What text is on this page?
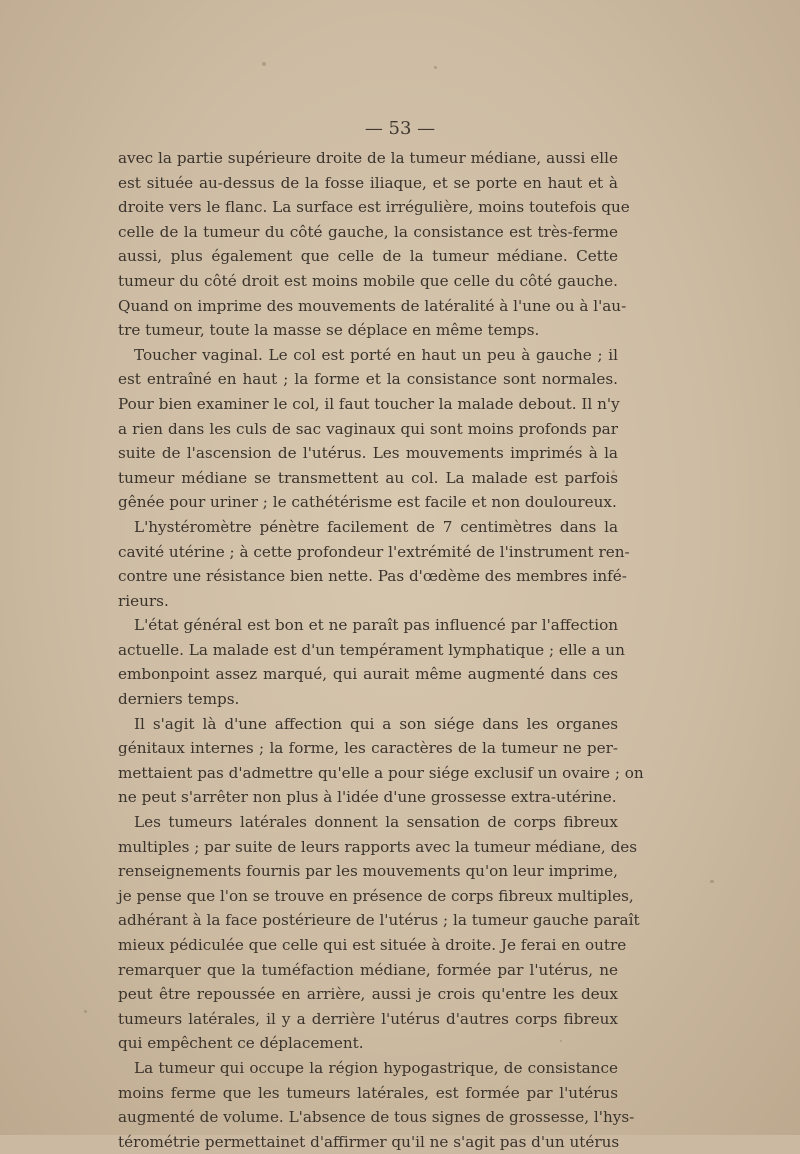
— 53 —
avec la partie supérieure droite de la tumeur médiane, aussi elle
est située au-dessus de la fosse iliaque, et se porte en haut et à
droite vers le flanc. La surface est irrégulière, moins toutefois que
celle de la tumeur du côté gauche, la consistance est très-ferme
aussi, plus également que celle de la tumeur médiane. Cette
tumeur du côté droit est moins mobile que celle du côté gauche.
Quand on imprime des mouvements de latéralité à l'une ou à l'au-
tre tumeur, toute la masse se déplace en même temps.
Toucher vaginal. Le col est porté en haut un peu à gauche ; il
est entraîné en haut ; la forme et la consistance sont normales.
Pour bien examiner le col, il faut toucher la malade debout. Il n'y
a rien dans les culs de sac vaginaux qui sont moins profonds par
suite de l'ascension de l'utérus. Les mouvements imprimés à la
tumeur médiane se transmettent au col. La malade est parfois
gênée pour uriner ; le cathétérisme est facile et non douloureux.
L'hystéromètre pénètre facilement de 7 centimètres dans la
cavité utérine ; à cette profondeur l'extrémité de l'instrument ren-
contre une résistance bien nette. Pas d'œdème des membres infé-
rieurs.
L'état général est bon et ne paraît pas influencé par l'affection
actuelle. La malade est d'un tempérament lymphatique ; elle a un
embonpoint assez marqué, qui aurait même augmenté dans ces
derniers temps.
Il s'agit là d'une affection qui a son siége dans les organes
génitaux internes ; la forme, les caractères de la tumeur ne per-
mettaient pas d'admettre qu'elle a pour siége exclusif un ovaire ; on
ne peut s'arrêter non plus à l'idée d'une grossesse extra-utérine.
Les tumeurs latérales donnent la sensation de corps fibreux
multiples ; par suite de leurs rapports avec la tumeur médiane, des
renseignements fournis par les mouvements qu'on leur imprime,
je pense que l'on se trouve en présence de corps fibreux multiples,
adhérant à la face postérieure de l'utérus ; la tumeur gauche paraît
mieux pédiculée que celle qui est située à droite. Je ferai en outre
remarquer que la tuméfaction médiane, formée par l'utérus, ne
peut être repoussée en arrière, aussi je crois qu'entre les deux
tumeurs latérales, il y a derrière l'utérus d'autres corps fibreux
qui empêchent ce déplacement.
La tumeur qui occupe la région hypogastrique, de consistance
moins ferme que les tumeurs latérales, est formée par l'utérus
augmenté de volume. L'absence de tous signes de grossesse, l'hys-
térométrie permettainet d'affirmer qu'il ne s'agit pas d'un utérus
